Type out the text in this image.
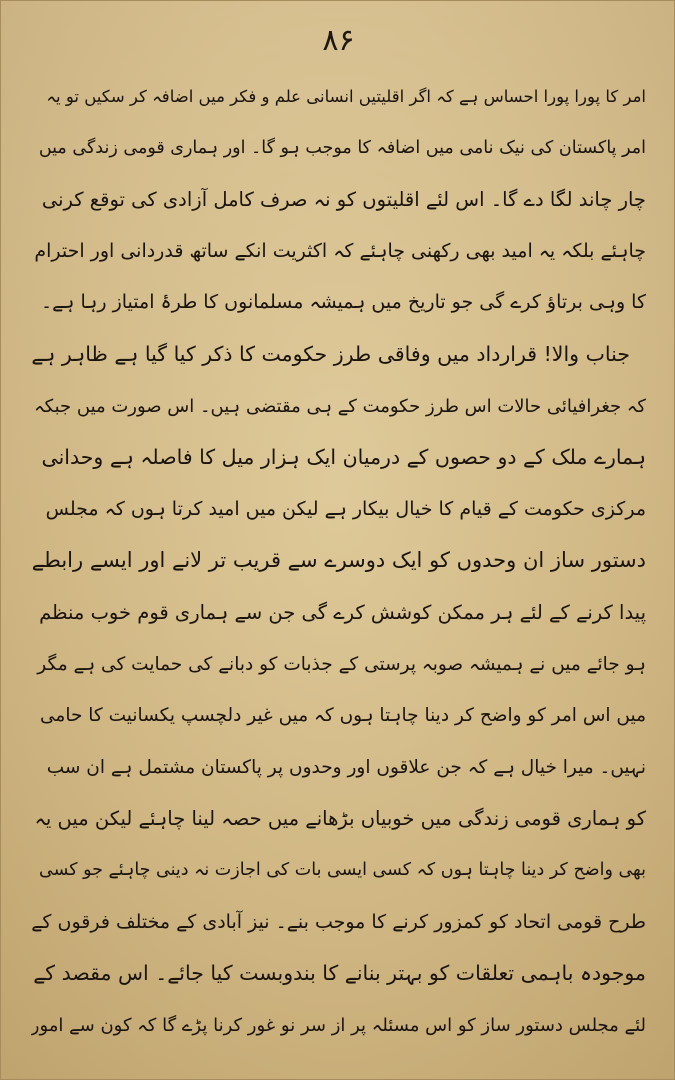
۸۶
امر کا پورا پورا احساس ہے کہ اگر اقلیتیں انسانی علم و فکر میں اضافہ کر سکیں تو یہ
امر پاکستان کی نیک نامی میں اضافہ کا موجب ہو گا۔ اور ہماری قومی زندگی میں
چار چاند لگا دے گا۔ اس لئے اقلیتوں کو نہ صرف کامل آزادی کی توقع کرنی
چاہئے بلکہ یہ امید بھی رکھنی چاہئے کہ اکثریت انکے ساتھ قدردانی اور احترام
کا وہی برتاؤ کرے گی جو تاریخ میں ہمیشہ مسلمانوں کا طرۂ امتیاز رہا ہے۔
جناب والا! قرارداد میں وفاقی طرز حکومت کا ذکر کیا گیا ہے ظاہر ہے
کہ جغرافیائی حالات اس طرز حکومت کے ہی مقتضی ہیں۔ اس صورت میں جبکہ
ہمارے ملک کے دو حصوں کے درمیان ایک ہزار میل کا فاصلہ ہے وحدانی
مرکزی حکومت کے قیام کا خیال بیکار ہے لیکن میں امید کرتا ہوں کہ مجلس
دستور ساز ان وحدوں کو ایک دوسرے سے قریب تر لانے اور ایسے رابطے
پیدا کرنے کے لئے ہر ممکن کوشش کرے گی جن سے ہماری قوم خوب منظم
ہو جائے میں نے ہمیشہ صوبہ پرستی کے جذبات کو دبانے کی حمایت کی ہے مگر
میں اس امر کو واضح کر دینا چاہتا ہوں کہ میں غیر دلچسپ یکسانیت کا حامی
نہیں۔ میرا خیال ہے کہ جن علاقوں اور وحدوں پر پاکستان مشتمل ہے ان سب
کو ہماری قومی زندگی میں خوبیاں بڑھانے میں حصہ لینا چاہئے لیکن میں یہ
بھی واضح کر دینا چاہتا ہوں کہ کسی ایسی بات کی اجازت نہ دینی چاہئے جو کسی
طرح قومی اتحاد کو کمزور کرنے کا موجب بنے۔ نیز آبادی کے مختلف فرقوں کے
موجودہ باہمی تعلقات کو بہتر بنانے کا بندوبست کیا جائے۔ اس مقصد کے
لئے مجلس دستور ساز کو اس مسئلہ پر از سر نو غور کرنا پڑے گا کہ کون سے امور
